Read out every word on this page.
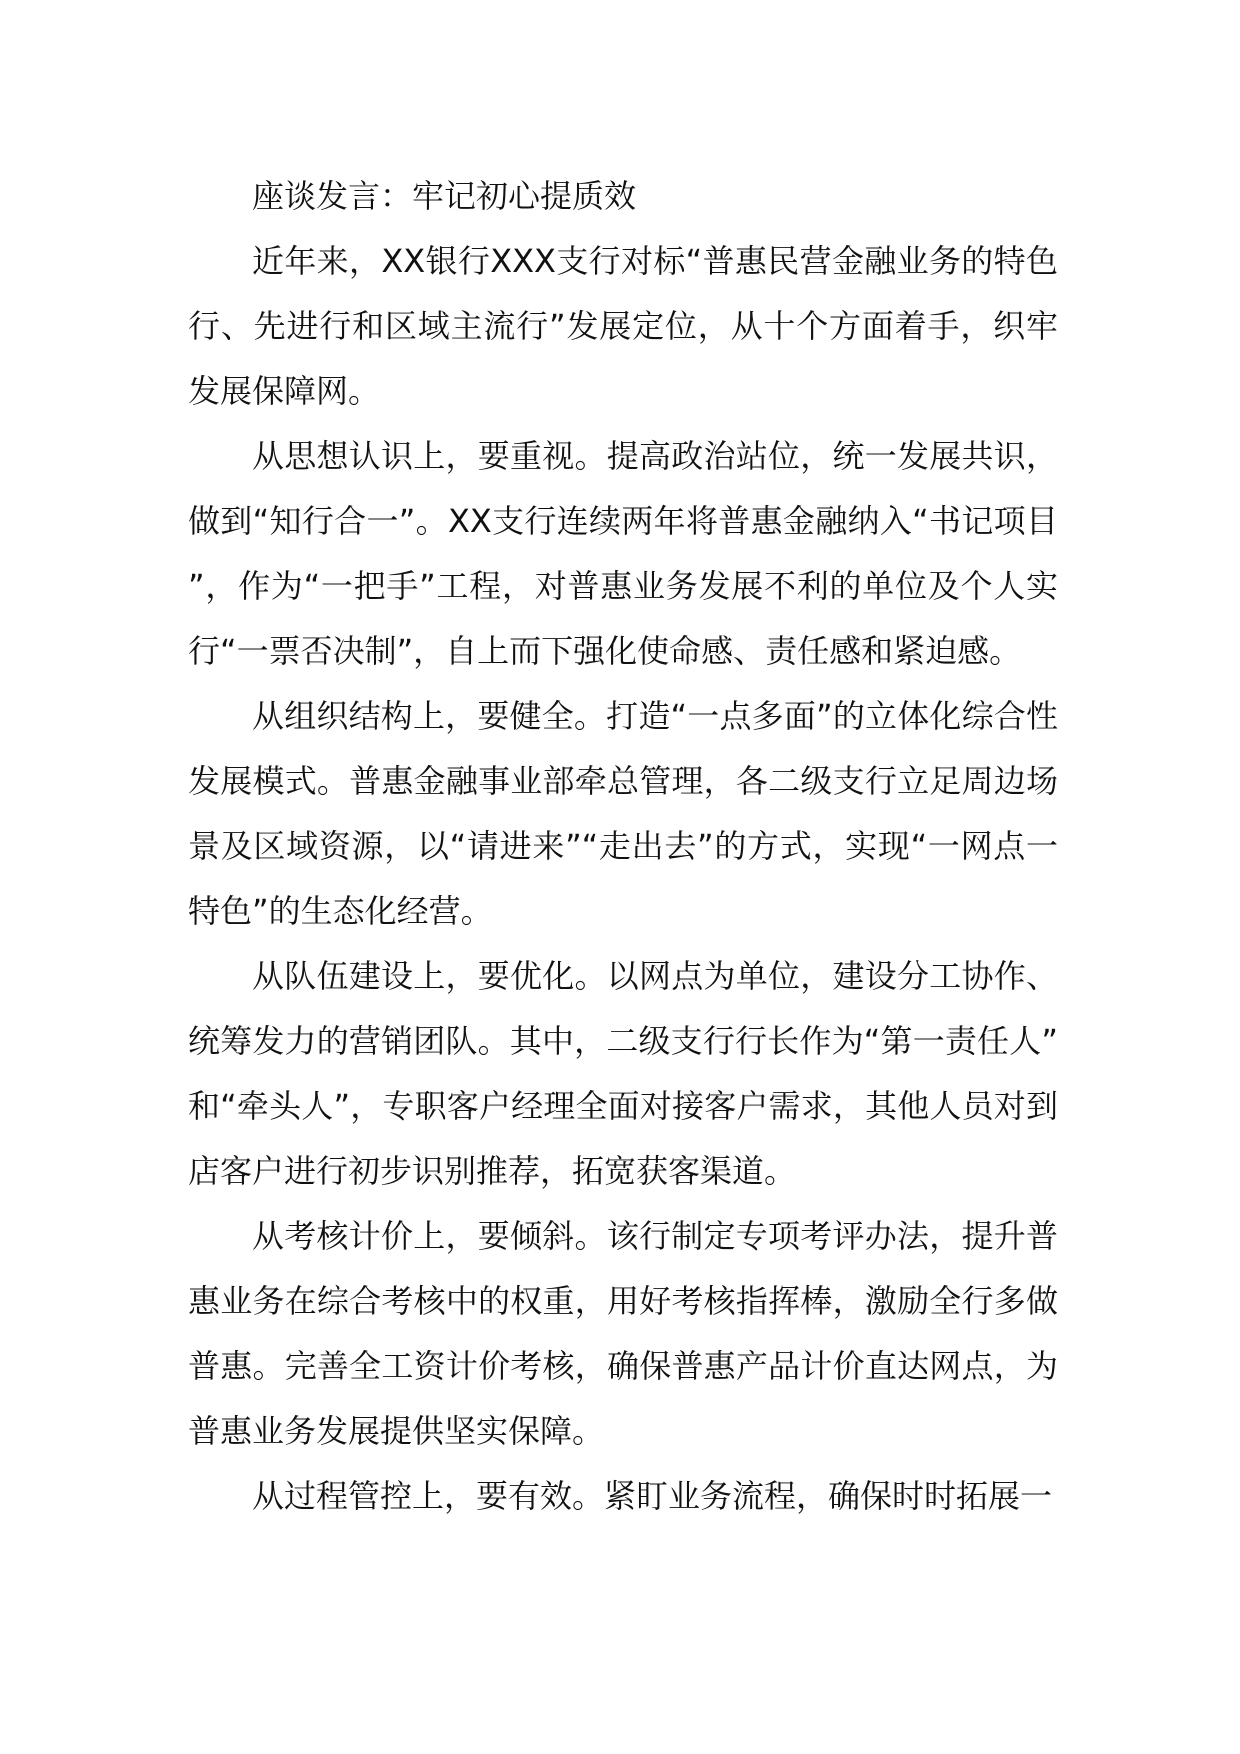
座谈发言：牢记初心提质效

近年来，XX银行XXX支行对标“普惠民营金融业务的特色行、先进行和区域主流行”发展定位，从十个方面着手，织牢发展保障网。

从思想认识上，要重视。提高政治站位，统一发展共识，做到“知行合一”。XX支行连续两年将普惠金融纳入“书记项目”，作为“一把手”工程，对普惠业务发展不利的单位及个人实行“一票否决制”，自上而下强化使命感、责任感和紧迫感。

从组织结构上，要健全。打造“一点多面”的立体化综合性发展模式。普惠金融事业部牵总管理，各二级支行立足周边场景及区域资源，以“请进来”“走出去”的方式，实现“一网点一特色”的生态化经营。

从队伍建设上，要优化。以网点为单位，建设分工协作、统筹发力的营销团队。其中，二级支行行长作为“第一责任人”和“牵头人”，专职客户经理全面对接客户需求，其他人员对到店客户进行初步识别推荐，拓宽获客渠道。

从考核计价上，要倾斜。该行制定专项考评办法，提升普惠业务在综合考核中的权重，用好考核指挥棒，激励全行多做普惠。完善全工资计价考核，确保普惠产品计价直达网点，为普惠业务发展提供坚实保障。

从过程管控上，要有效。紧盯业务流程，确保时时拓展一
